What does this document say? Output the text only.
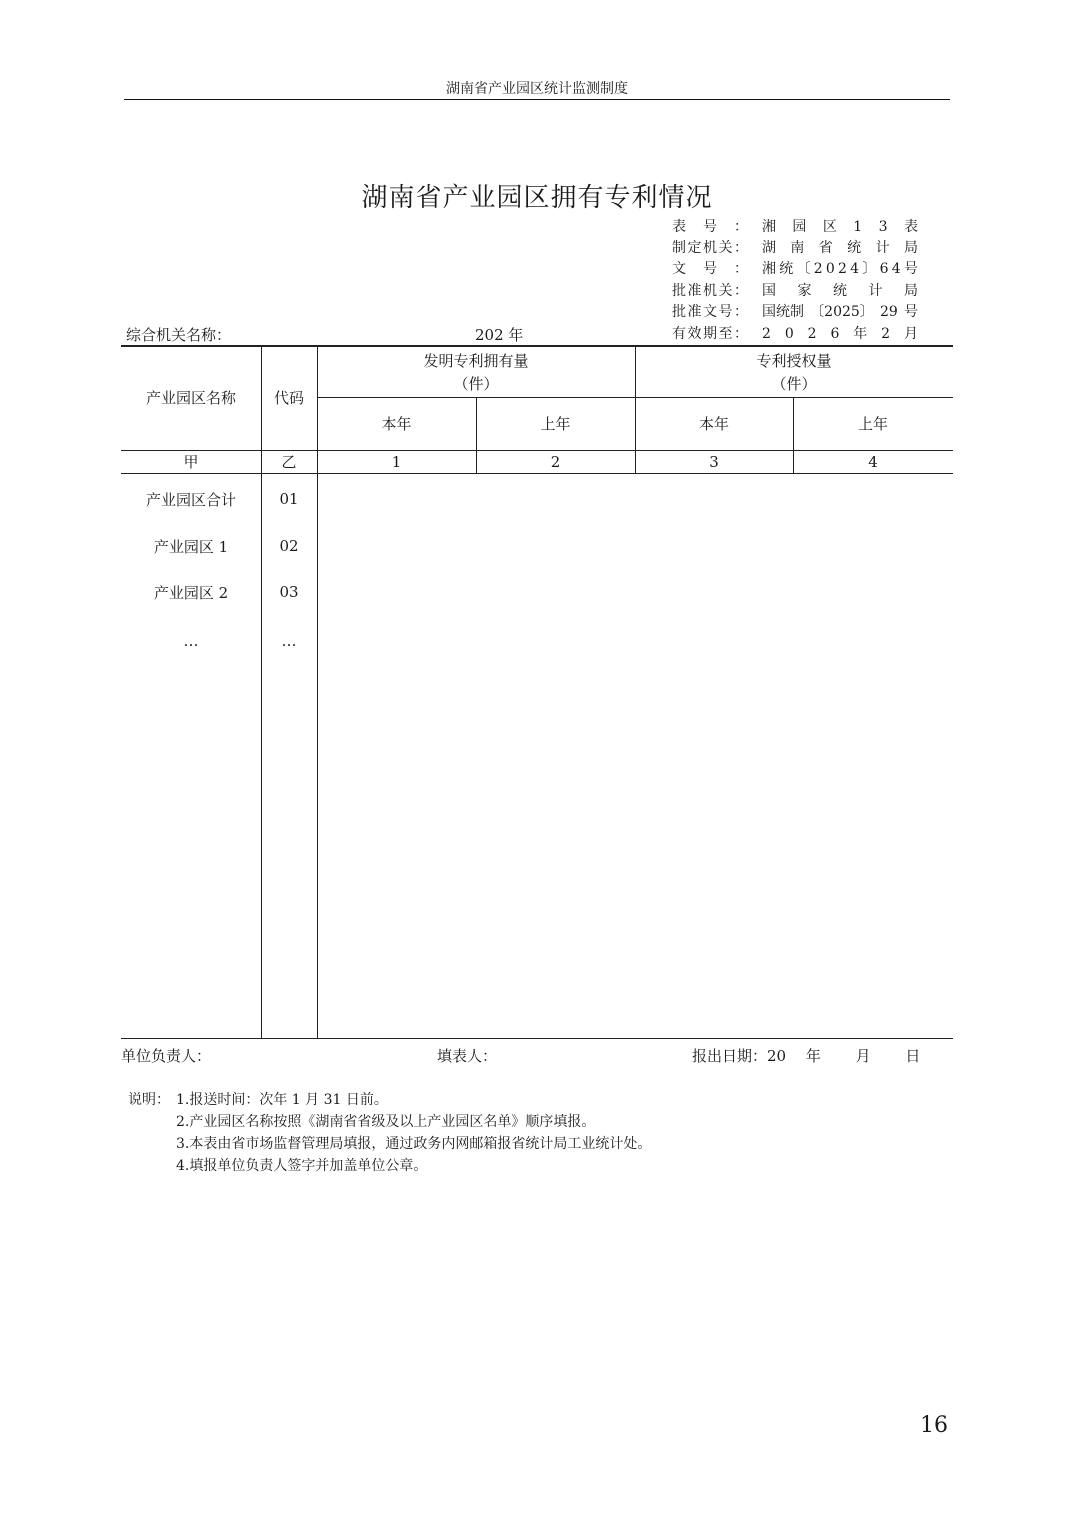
湖南省产业园区统计监测制度
湖南省产业园区拥有专利情况
表 号 ： 湘 园 区 1 3 表
制 定 机 关 ： 湖 南 省 统 计 局
文 号 ： 湘 统 〔 2 0 2 4 〕 6 4 号
批 准 机 关 ： 国 家 统 计 局
批 准 文 号 ： 国统制 〔2025〕 29 号
有 效 期 至 ： 2 0 2 6 年 2 月
综合机关名称：	202 年
产业园区名称	代码
发明专利拥有量
（件）
专利授权量
（件）
本年	上年	本年	上年
甲	乙	1	2	3	4
产业园区合计	01
产业园区 1	02
产业园区 2	03
…	…
单位负责人：	填表人：	报出日期：20　 年　　 月　　 日
说明： 1.报送时间：次年 1 月 31 日前。
2.产业园区名称按照《湖南省省级及以上产业园区名单》顺序填报。
3.本表由省市场监督管理局填报，通过政务内网邮箱报省统计局工业统计处。
4.填报单位负责人签字并加盖单位公章。
16
